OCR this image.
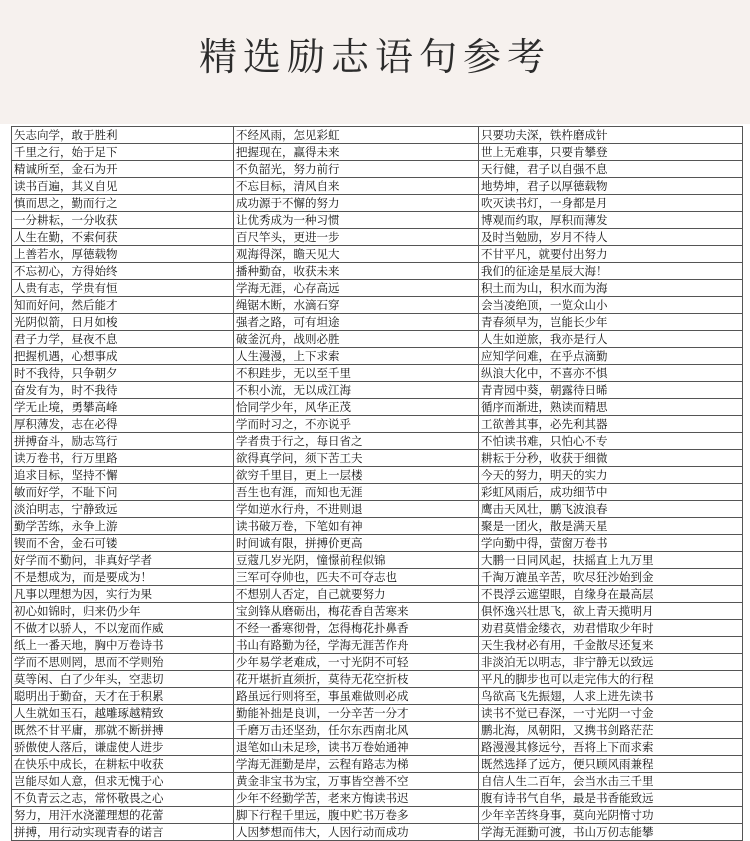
精选励志语句参考
矢志向学，敢于胜利	不经风雨，怎见彩虹	只要功夫深，铁杵磨成针
千里之行，始于足下	把握现在，赢得未来	世上无难事，只要肯攀登
精诚所至，金石为开	不负韶光，努力前行	天行健，君子以自强不息
读书百遍，其义自见	不忘目标，清风自来	地势坤，君子以厚德载物
慎而思之，勤而行之	成功源于不懈的努力	吹灭读书灯，一身都是月
一分耕耘，一分收获	让优秀成为一种习惯	博观而约取，厚积而薄发
人生在勤，不索何获	百尺竿头，更进一步	及时当勉励，岁月不待人
上善若水，厚德载物	观海得深，瞻天见大	不甘平凡，就要付出努力
不忘初心，方得始终	播种勤奋，收获未来	我们的征途是星辰大海！
人贵有志，学贵有恒	学海无涯，心存高远	积土而为山，积水而为海
知而好问，然后能才	绳锯木断，水滴石穿	会当凌绝顶，一览众山小
光阴似箭，日月如梭	强者之路，可有坦途	青春须早为，岂能长少年
君子力学，昼夜不息	破釜沉舟，战则必胜	人生如逆旅，我亦是行人
把握机遇，心想事成	人生漫漫，上下求索	应知学问难，在乎点滴勤
时不我待，只争朝夕	不积跬步，无以至千里	纵浪大化中，不喜亦不惧
奋发有为，时不我待	不积小流，无以成江海	青青园中葵，朝露待日晞
学无止境，勇攀高峰	恰同学少年，风华正茂	循序而渐进，熟读而精思
厚积薄发，志在必得	学而时习之，不亦说乎	工欲善其事，必先利其器
拼搏奋斗，励志笃行	学者贵于行之，每日省之	不怕读书难，只怕心不专
读万卷书，行万里路	欲得真学问，须下苦工夫	耕耘于分秒，收获于细微
追求目标，坚持不懈	欲穷千里目，更上一层楼	今天的努力，明天的实力
敏而好学，不耻下问	吾生也有涯，而知也无涯	彩虹风雨后，成功细节中
淡泊明志，宁静致远	学如逆水行舟，不进则退	鹰击天风壮，鹏飞波浪春
勤学苦练，永争上游	读书破万卷，下笔如有神	聚是一团火，散是满天星
锲而不舍，金石可镂	时间诚有限，拼搏价更高	学向勤中得，萤窗万卷书
好学而不勤问，非真好学者	豆蔻几岁光阴，憧憬前程似锦	大鹏一日同风起，扶摇直上九万里
不是想成为，而是要成为！	三军可夺帅也，匹夫不可夺志也	千淘万漉虽辛苦，吹尽狂沙始到金
凡事以理想为因，实行为果	不想别人否定，自己就要努力	不畏浮云遮望眼，自缘身在最高层
初心如锦时，归来仍少年	宝剑锋从磨砺出，梅花香自苦寒来	俱怀逸兴壮思飞，欲上青天揽明月
不做才以骄人，不以宠而作威	不经一番寒彻骨，怎得梅花扑鼻香	劝君莫惜金缕衣，劝君惜取少年时
纸上一番天地，胸中万卷诗书	书山有路勤为径，学海无涯苦作舟	天生我材必有用，千金散尽还复来
学而不思则罔，思而不学则殆	少年易学老难成，一寸光阴不可轻	非淡泊无以明志，非宁静无以致远
莫等闲、白了少年头，空悲切	花开堪折直须折，莫待无花空折枝	平凡的脚步也可以走完伟大的行程
聪明出于勤奋，天才在于积累	路虽远行则将至，事虽难做则必成	鸟欲高飞先振翅，人求上进先读书
人生就如玉石，越雕琢越精致	勤能补拙是良训，一分辛苦一分才	读书不觉已春深，一寸光阴一寸金
既然不甘平庸，那就不断拼搏	千磨万击还坚劲，任尔东西南北风	鹏北海，凤朝阳，又携书剑路茫茫
骄傲使人落后，谦虚使人进步	退笔如山未足珍，读书万卷始通神	路漫漫其修远兮，吾将上下而求索
在快乐中成长，在耕耘中收获	学海无涯勤是岸，云程有路志为梯	既然选择了远方，便只顾风雨兼程
岂能尽如人意，但求无愧于心	黄金非宝书为宝，万事皆空善不空	自信人生二百年，会当水击三千里
不负青云之志，常怀敬畏之心	少年不经勤学苦，老来方悔读书迟	腹有诗书气自华，最是书香能致远
努力，用汗水浇灌理想的花蕾	脚下行程千里远，腹中贮书万卷多	少年辛苦终身事，莫向光阴惰寸功
拼搏，用行动实现青春的诺言	人因梦想而伟大，人因行动而成功	学海无涯勤可渡，书山万仞志能攀
